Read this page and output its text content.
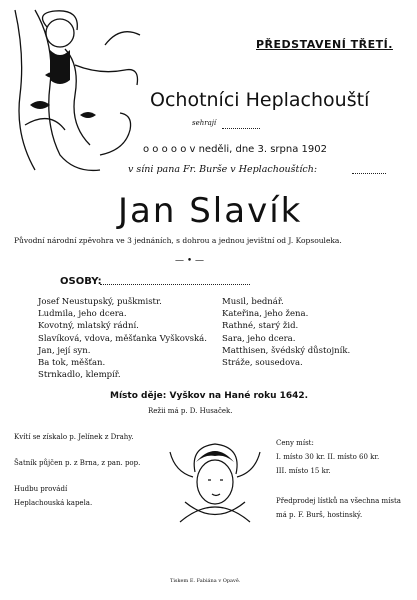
PŘEDSTAVENÍ TŘETÍ.
Ochotníci Heplachouští
sehrají
o o o o o v neděli, dne 3. srpna 1902
v síni pana Fr. Burše v Heplachouštích:
Jan Slavík
Původní národní zpěvohra ve 3 jednáních, s dohrou a jednou jevištní od J. Kopsouleka.
— • —
OSOBY:
Josef Neustupský, puškmistr.
Ludmila, jeho dcera.
Kovotný, mlatský rádní.
Slavíková, vdova, měšťanka Vyškovská.
Jan, její syn.
Ba tok, měšťan.
Strnkadlo, klempíř.
Musil, bednář.
Kateřina, jeho žena.
Rathné, starý žid.
Sara, jeho dcera.
Matthisen, švédský důstojník.
Stráže, sousedova.
Místo děje: Vyškov na Hané roku 1642.
Režii má p. D. Husaček.
Kvítí se získalo p. Jelínek z Drahy.
Šatník půjčen p. z Brna, z pan. pop.
Hudbu provádí
Heplachouská kapela.
Ceny míst:
I. místo 30 kr. II. místo 60 kr.
III. místo 15 kr.
Předprodej lístků na všechna místa
má p. F. Burš, hostinský.
Tiskem E. Fabiána v Opavě.
